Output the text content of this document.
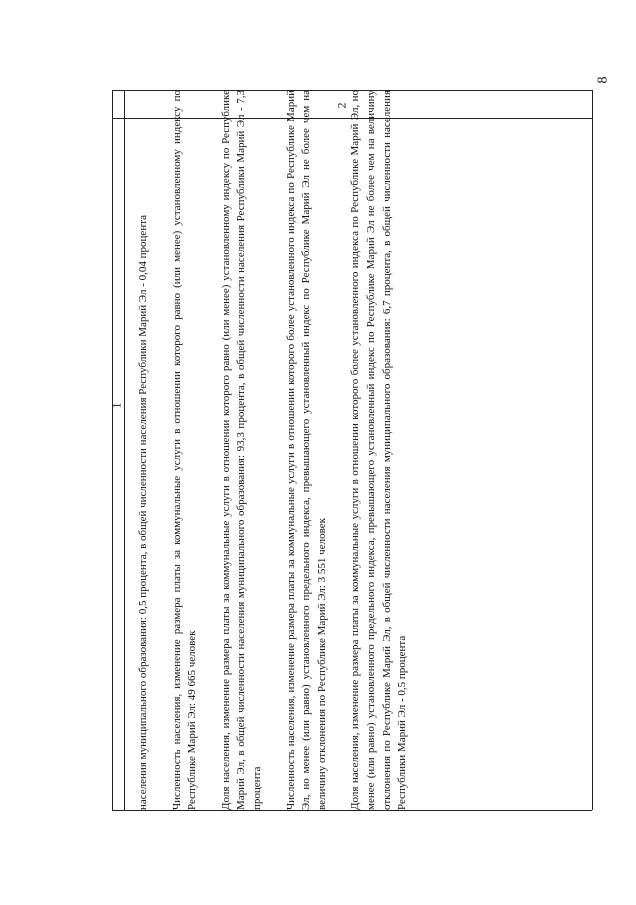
8
1
2

населения муниципального образования: 0,5 процента, в общей численности населения Республики Марий Эл - 0,04 процента Численность населения, изменение размера платы за коммунальные услуги в отношении которого равно (или менее) установленному индексу по Республике Марий Эл: 49 665 человек Доля населения, изменение размера платы за коммунальные услуги в отношении которого равно (или менее) установленному индексу по Республике Марий Эл, в общей численности населения муниципального образования: 93,3 процента, в общей численности населения Республики Марий Эл - 7,3 процента Численность населения, изменение размера платы за коммунальные услуги в отношении которого более установленного индекса по Республике Марий Эл, но менее (или равно) установленного предельного индекса, превышающего установленный индекс по Республике Марий Эл не более чем на величину отклонения по Республике Марий Эл: 3 551 человек Доля населения, изменение размера платы за коммунальные услуги в отношении которого более установленного индекса по Республике Марий Эл, но менее (или равно) установленного предельного индекса, превышающего установленный индекс по Республике Марий Эл не более чем на величину отклонения по Республике Марий Эл, в общей численности населения муниципального образования: 6,7 процента, в общей численности населения Республики Марий Эл - 0,5 процента
